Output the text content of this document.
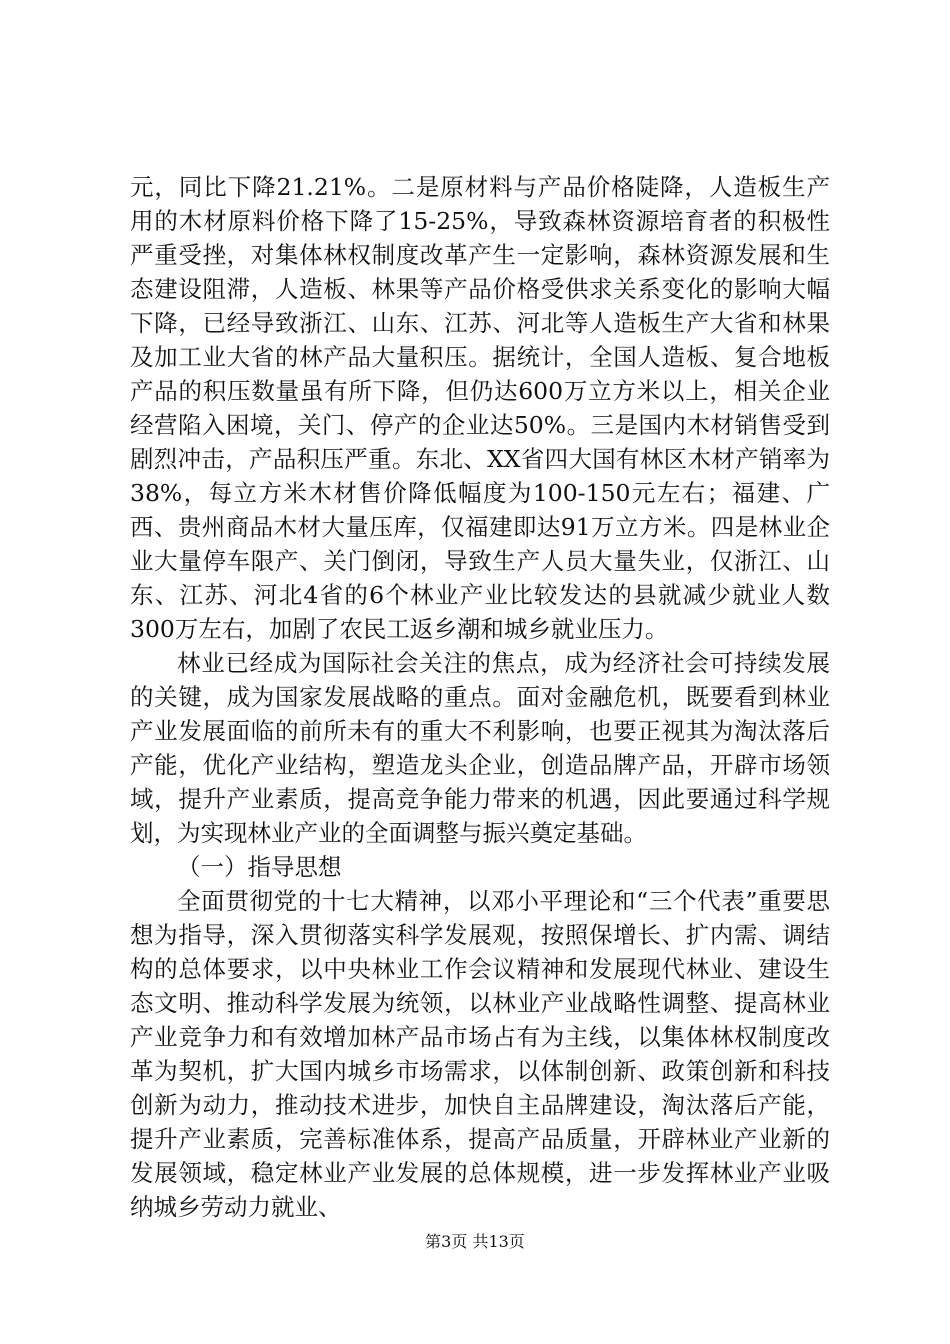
元，同比下降21.21%。二是原材料与产品价格陡降，人造板生产用的木材原料价格下降了15-25%，导致森林资源培育者的积极性严重受挫，对集体林权制度改革产生一定影响，森林资源发展和生态建设阻滞，人造板、林果等产品价格受供求关系变化的影响大幅下降，已经导致浙江、山东、江苏、河北等人造板生产大省和林果及加工业大省的林产品大量积压。据统计，全国人造板、复合地板产品的积压数量虽有所下降，但仍达600万立方米以上，相关企业经营陷入困境，关门、停产的企业达50%。三是国内木材销售受到剧烈冲击，产品积压严重。东北、XX省四大国有林区木材产销率为38%，每立方米木材售价降低幅度为100-150元左右；福建、广西、贵州商品木材大量压库，仅福建即达91万立方米。四是林业企业大量停车限产、关门倒闭，导致生产人员大量失业，仅浙江、山东、江苏、河北4省的6个林业产业比较发达的县就减少就业人数300万左右，加剧了农民工返乡潮和城乡就业压力。

林业已经成为国际社会关注的焦点，成为经济社会可持续发展的关键，成为国家发展战略的重点。面对金融危机，既要看到林业产业发展面临的前所未有的重大不利影响，也要正视其为淘汰落后产能，优化产业结构，塑造龙头企业，创造品牌产品，开辟市场领域，提升产业素质，提高竞争能力带来的机遇，因此要通过科学规划，为实现林业产业的全面调整与振兴奠定基础。

（一）指导思想

全面贯彻党的十七大精神，以邓小平理论和“三个代表”重要思想为指导，深入贯彻落实科学发展观，按照保增长、扩内需、调结构的总体要求，以中央林业工作会议精神和发展现代林业、建设生态文明、推动科学发展为统领，以林业产业战略性调整、提高林业产业竞争力和有效增加林产品市场占有为主线，以集体林权制度改革为契机，扩大国内城乡市场需求，以体制创新、政策创新和科技创新为动力，推动技术进步，加快自主品牌建设，淘汰落后产能，提升产业素质，完善标准体系，提高产品质量，开辟林业产业新的发展领域，稳定林业产业发展的总体规模，进一步发挥林业产业吸纳城乡劳动力就业、

第3页 共13页
